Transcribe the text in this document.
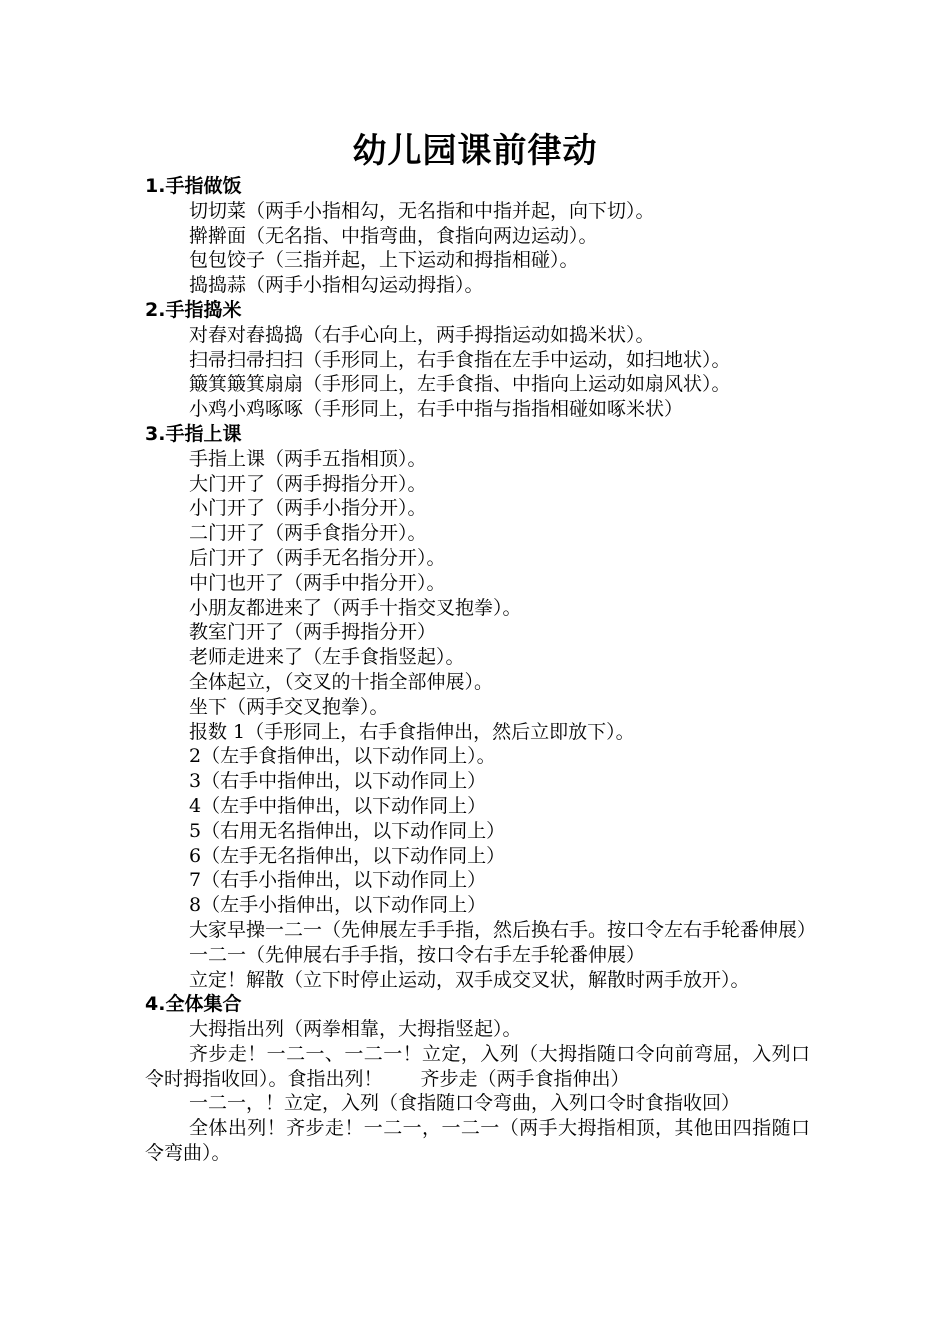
幼儿园课前律动
1.手指做饭

切切菜（两手小指相勾，无名指和中指并起，向下切）。

擀擀面（无名指、中指弯曲，食指向两边运动）。

包包饺子（三指并起，上下运动和拇指相碰）。

捣捣蒜（两手小指相勾运动拇指）。

2.手指捣米

对舂对舂捣捣（右手心向上，两手拇指运动如捣米状）。

扫帚扫帚扫扫（手形同上，右手食指在左手中运动，如扫地状）。

簸箕簸箕扇扇（手形同上，左手食指、中指向上运动如扇风状）。

小鸡小鸡啄啄（手形同上，右手中指与指指相碰如啄米状）

3.手指上课

手指上课（两手五指相顶）。

大门开了（两手拇指分开）。

小门开了（两手小指分开）。

二门开了（两手食指分开）。

后门开了（两手无名指分开）。

中门也开了（两手中指分开）。

小朋友都进来了（两手十指交叉抱拳）。

教室门开了（两手拇指分开）

老师走进来了（左手食指竖起）。

全体起立，（交叉的十指全部伸展）。

坐下（两手交叉抱拳）。

报数 1（手形同上，右手食指伸出，然后立即放下）。

2（左手食指伸出，以下动作同上）。

3（右手中指伸出，以下动作同上）

4（左手中指伸出，以下动作同上）

5（右用无名指伸出，以下动作同上）

6（左手无名指伸出，以下动作同上）

7（右手小指伸出，以下动作同上）

8（左手小指伸出，以下动作同上）

大家早操一二一（先伸展左手手指，然后换右手。按口令左右手轮番伸展）

一二一（先伸展右手手指，按口令右手左手轮番伸展）

立定！解散（立下时停止运动，双手成交叉状，解散时两手放开）。

4.全体集合

大拇指出列（两拳相靠，大拇指竖起）。

齐步走！一二一、一二一！立定，入列（大拇指随口令向前弯屈，入列口令时拇指收回）。食指出列！　　齐步走（两手食指伸出）

一二一，！立定，入列（食指随口令弯曲，入列口令时食指收回）

全体出列！齐步走！一二一，一二一（两手大拇指相顶，其他田四指随口令弯曲）。
